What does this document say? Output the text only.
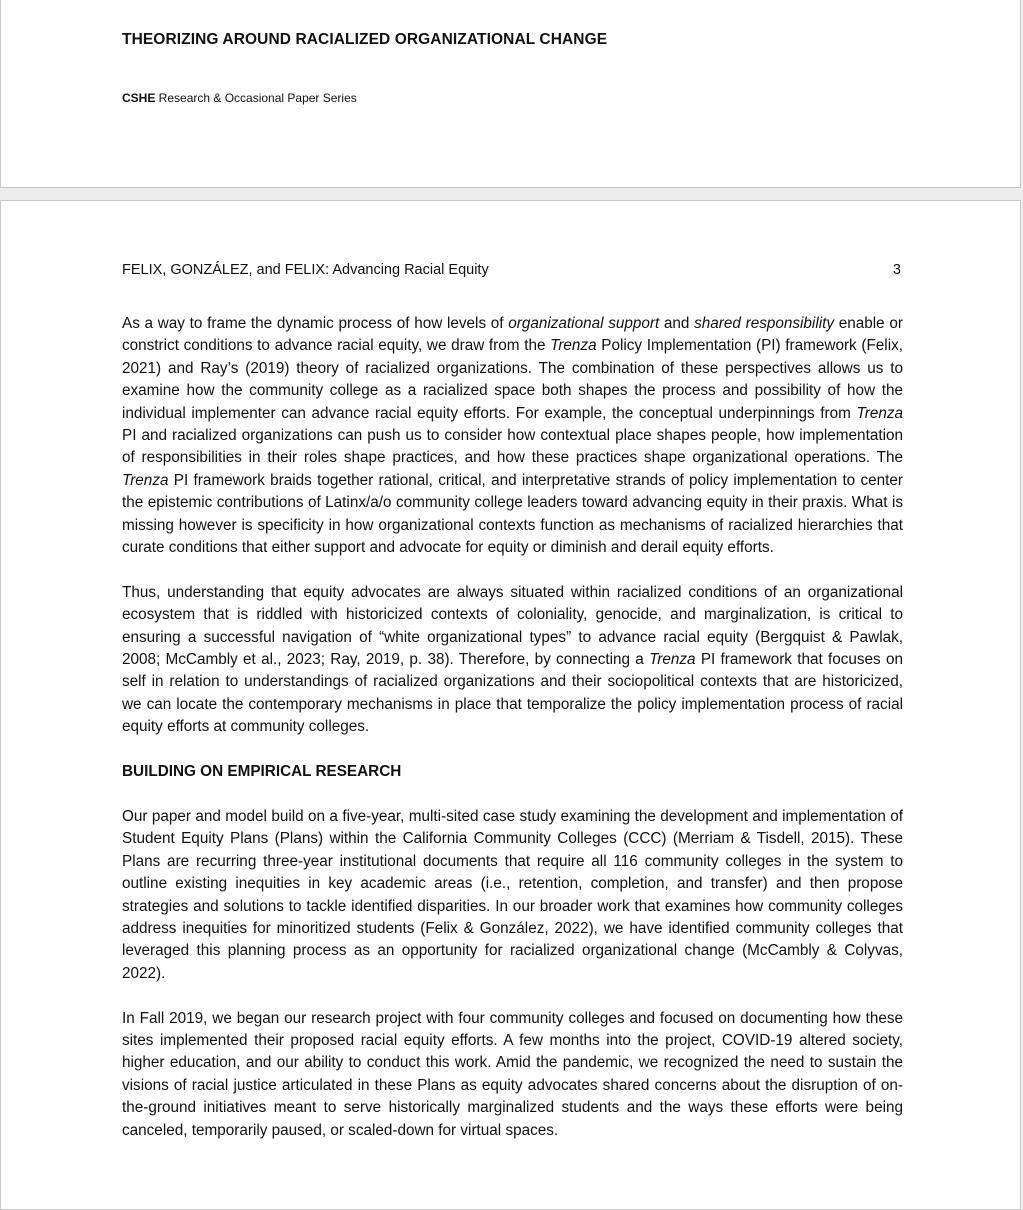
THEORIZING AROUND RACIALIZED ORGANIZATIONAL CHANGE
CSHE Research & Occasional Paper Series
FELIX, GONZÁLEZ, and FELIX: Advancing Racial Equity	3

As a way to frame the dynamic process of how levels of organizational support and shared responsibility enable or constrict conditions to advance racial equity, we draw from the Trenza Policy Implementation (PI) framework (Felix, 2021) and Ray’s (2019) theory of racialized organizations. The combination of these perspectives allows us to examine how the community college as a racialized space both shapes the process and possibility of how the individual implementer can advance racial equity efforts. For example, the conceptual underpinnings from Trenza PI and racialized organizations can push us to consider how contextual place shapes people, how implementation of responsibilities in their roles shape practices, and how these practices shape organizational operations. The Trenza PI framework braids together rational, critical, and interpretative strands of policy implementation to center the epistemic contributions of Latinx/a/o community college leaders toward advancing equity in their praxis. What is missing however is specificity in how organizational contexts function as mechanisms of racialized hierarchies that curate conditions that either support and advocate for equity or diminish and derail equity efforts.

Thus, understanding that equity advocates are always situated within racialized conditions of an organizational ecosystem that is riddled with historicized contexts of coloniality, genocide, and marginalization, is critical to ensuring a successful navigation of “white organizational types” to advance racial equity (Bergquist & Pawlak, 2008; McCambly et al., 2023; Ray, 2019, p. 38). Therefore, by connecting a Trenza PI framework that focuses on self in relation to understandings of racialized organizations and their sociopolitical contexts that are historicized, we can locate the contemporary mechanisms in place that temporalize the policy implementation process of racial equity efforts at community colleges.

BUILDING ON EMPIRICAL RESEARCH

Our paper and model build on a five-year, multi-sited case study examining the development and implementation of Student Equity Plans (Plans) within the California Community Colleges (CCC) (Merriam & Tisdell, 2015). These Plans are recurring three-year institutional documents that require all 116 community colleges in the system to outline existing inequities in key academic areas (i.e., retention, completion, and transfer) and then propose strategies and solutions to tackle identified disparities. In our broader work that examines how community colleges address inequities for minoritized students (Felix & González, 2022), we have identified community colleges that leveraged this planning process as an opportunity for racialized organizational change (McCambly & Colyvas, 2022).

In Fall 2019, we began our research project with four community colleges and focused on documenting how these sites implemented their proposed racial equity efforts. A few months into the project, COVID-19 altered society, higher education, and our ability to conduct this work. Amid the pandemic, we recognized the need to sustain the visions of racial justice articulated in these Plans as equity advocates shared concerns about the disruption of on-the-ground initiatives meant to serve historically marginalized students and the ways these efforts were being canceled, temporarily paused, or scaled-down for virtual spaces.
